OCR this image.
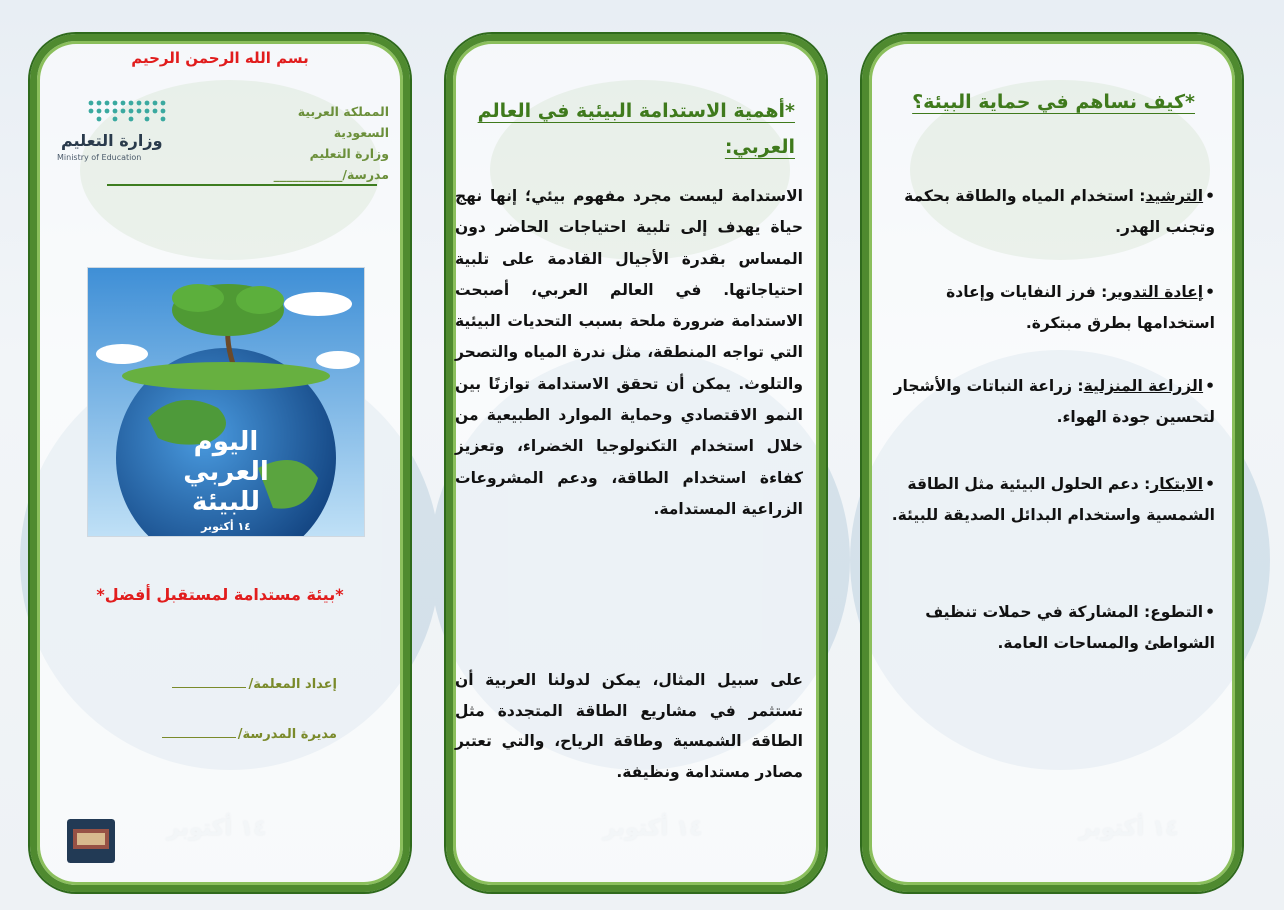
بسم الله الرحمن الرحيم
المملكة العربية السعودية
وزارة التعليم
مدرسة/___________
وزارة التعليم
Ministry of Education
اليوم
العربي
للبيئة
١٤ أكتوبر
*بيئة مستدامة لمستقبل أفضل*
إعداد المعلمة/
مديرة المدرسة/
١٤ أكتوبر
*أهمية الاستدامة البيئية في العالم العربي:
الاستدامة ليست مجرد مفهوم بيئي؛ إنها نهج حياة يهدف إلى تلبية احتياجات الحاضر دون المساس بقدرة الأجيال القادمة على تلبية احتياجاتها. في العالم العربي، أصبحت الاستدامة ضرورة ملحة بسبب التحديات البيئية التي تواجه المنطقة، مثل ندرة المياه والتصحر والتلوث. يمكن أن تحقق الاستدامة توازنًا بين النمو الاقتصادي وحماية الموارد الطبيعية من خلال استخدام التكنولوجيا الخضراء، وتعزيز كفاءة استخدام الطاقة، ودعم المشروعات الزراعية المستدامة.
على سبيل المثال، يمكن لدولنا العربية أن تستثمر في مشاريع الطاقة المتجددة مثل الطاقة الشمسية وطاقة الرياح، والتي تعتبر مصادر مستدامة ونظيفة.
١٤ أكتوبر
*كيف نساهم في حماية البيئة؟
•الترشيد: استخدام المياه والطاقة بحكمة وتجنب الهدر.
•إعادة التدوير: فرز النفايات وإعادة استخدامها بطرق مبتكرة.
•الزراعة المنزلية: زراعة النباتات والأشجار لتحسين جودة الهواء.
•الابتكار: دعم الحلول البيئية مثل الطاقة الشمسية واستخدام البدائل الصديقة للبيئة.
•التطوع: المشاركة في حملات تنظيف الشواطئ والمساحات العامة.
١٤ أكتوبر
